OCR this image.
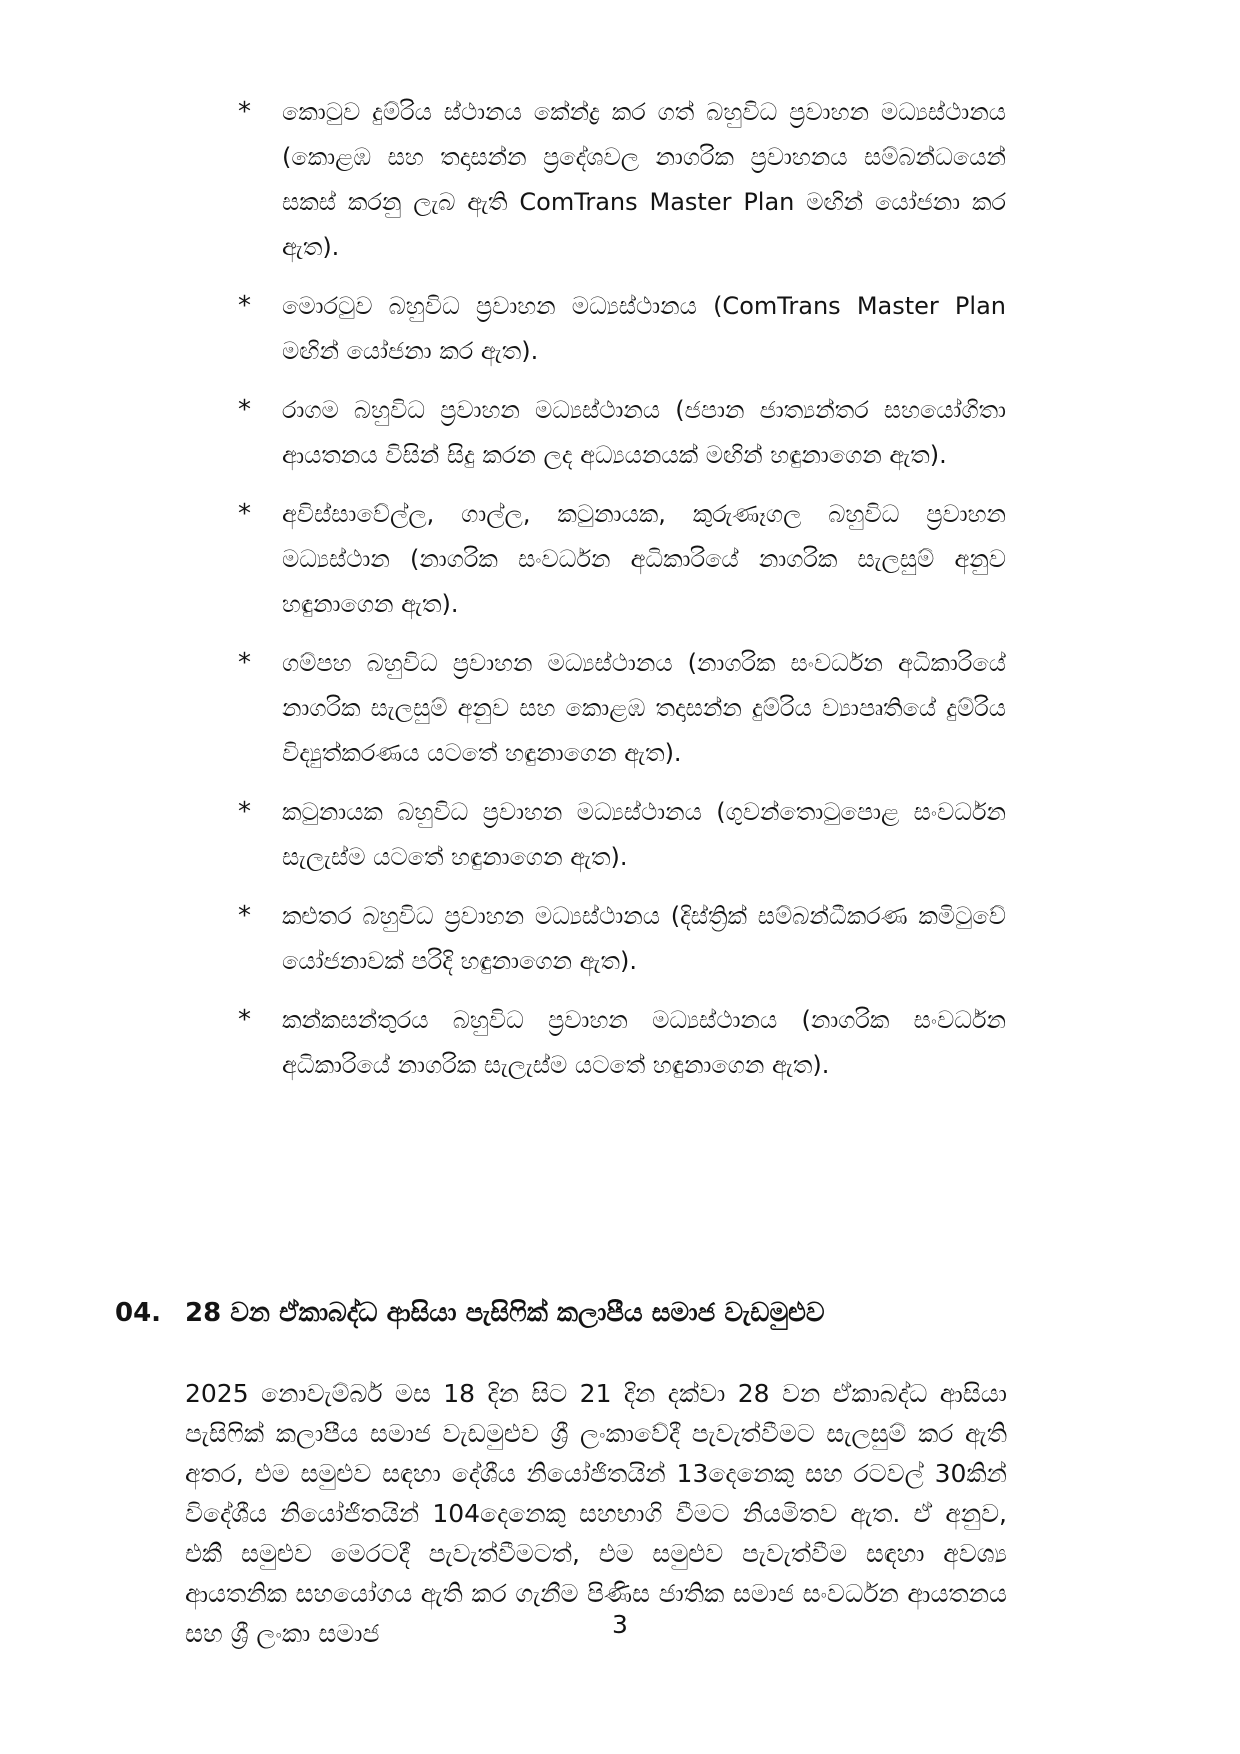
*	කොටුව දුම්රිය ස්ථානය කේන්ද්‍ර කර ගත් බහුවිධ ප්‍රවාහන මධ්‍යස්ථානය (කොළඹ සහ තදාසන්න ප්‍රදේශවල නාගරික ප්‍රවාහනය සම්බන්ධයෙන් සකස් කරනු ලැබ ඇති ComTrans Master Plan මඟින් යෝජනා කර ඇත).
*	මොරටුව බහුවිධ ප්‍රවාහන මධ්‍යස්ථානය (ComTrans Master Plan මඟින් යෝජනා කර ඇත).
*	රාගම බහුවිධ ප්‍රවාහන මධ්‍යස්ථානය (ජපාන ජාත්‍යන්තර සහයෝගිතා ආයතනය විසින් සිදු කරන ලද අධ්‍යයනයක් මඟින් හඳුනාගෙන ඇත).
*	අවිස්සාවේල්ල, ගාල්ල, කටුනායක, කුරුණෑගල බහුවිධ ප්‍රවාහන මධ්‍යස්ථාන (නාගරික සංවර්ධන අධිකාරියේ නාගරික සැලසුම් අනුව හඳුනාගෙන ඇත).
*	ගම්පහ බහුවිධ ප්‍රවාහන මධ්‍යස්ථානය (නාගරික සංවර්ධන අධිකාරියේ නාගරික සැලසුම් අනුව සහ කොළඹ තදාසන්න දුම්රිය ව්‍යාපෘතියේ දුම්රිය විද්‍යුත්කරණය යටතේ හඳුනාගෙන ඇත).
*	කටුනායක බහුවිධ ප්‍රවාහන මධ්‍යස්ථානය (ගුවන්තොටුපොළ සංවර්ධන සැලැස්ම යටතේ හඳුනාගෙන ඇත).
*	කළුතර බහුවිධ ප්‍රවාහන මධ්‍යස්ථානය (දිස්ත්‍රික් සම්බන්ධීකරණ කමිටුවේ යෝජනාවක් පරිදි හඳුනාගෙන ඇත).
*	කන්කසන්තුරය බහුවිධ ප්‍රවාහන මධ්‍යස්ථානය (නාගරික සංවර්ධන අධිකාරියේ නාගරික සැලැස්ම යටතේ හඳුනාගෙන ඇත).
04. 28 වන ඒකාබද්ධ ආසියා පැසිෆික් කලාපීය සමාජ වැඩමුළුව
2025 නොවැම්බර් මස 18 දින සිට 21 දින දක්වා 28 වන ඒකාබද්ධ ආසියා පැසිෆික් කලාපීය සමාජ වැඩමුළුව ශ්‍රී ලංකාවේදී පැවැත්වීමට සැලසුම් කර ඇති අතර, එම සමුළුව සඳහා දේශීය නියෝජිතයින් 13දෙනෙකු සහ රටවල් 30කින් විදේශීය නියෝජිතයින් 104දෙනෙකු සහභාගි වීමට නියමිතව ඇත. ඒ අනුව, එකී සමුළුව මෙරටදී පැවැත්වීමටත්, එම සමුළුව පැවැත්වීම සඳහා අවශ්‍ය ආයතනික සහයෝගය ඇති කර ගැනීම පිණිස ජාතික සමාජ සංවර්ධන ආයතනය සහ ශ්‍රී ලංකා සමාජ	3
